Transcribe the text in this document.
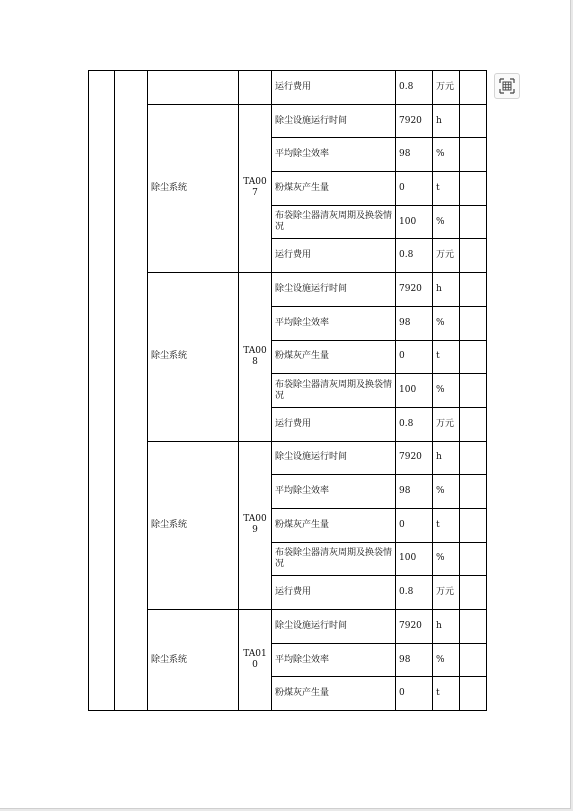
				运行费用	0.8	万元	
		除尘系统	TA007	除尘设施运行时间	7920	h	
				平均除尘效率	98	%	
				粉煤灰产生量	0	t	
				布袋除尘器清灰周期及换袋情况	100	%	
				运行费用	0.8	万元	
		除尘系统	TA008	除尘设施运行时间	7920	h	
				平均除尘效率	98	%	
				粉煤灰产生量	0	t	
				布袋除尘器清灰周期及换袋情况	100	%	
				运行费用	0.8	万元	
		除尘系统	TA009	除尘设施运行时间	7920	h	
				平均除尘效率	98	%	
				粉煤灰产生量	0	t	
				布袋除尘器清灰周期及换袋情况	100	%	
				运行费用	0.8	万元	
		除尘系统	TA010	除尘设施运行时间	7920	h	
				平均除尘效率	98	%	
				粉煤灰产生量	0	t	
